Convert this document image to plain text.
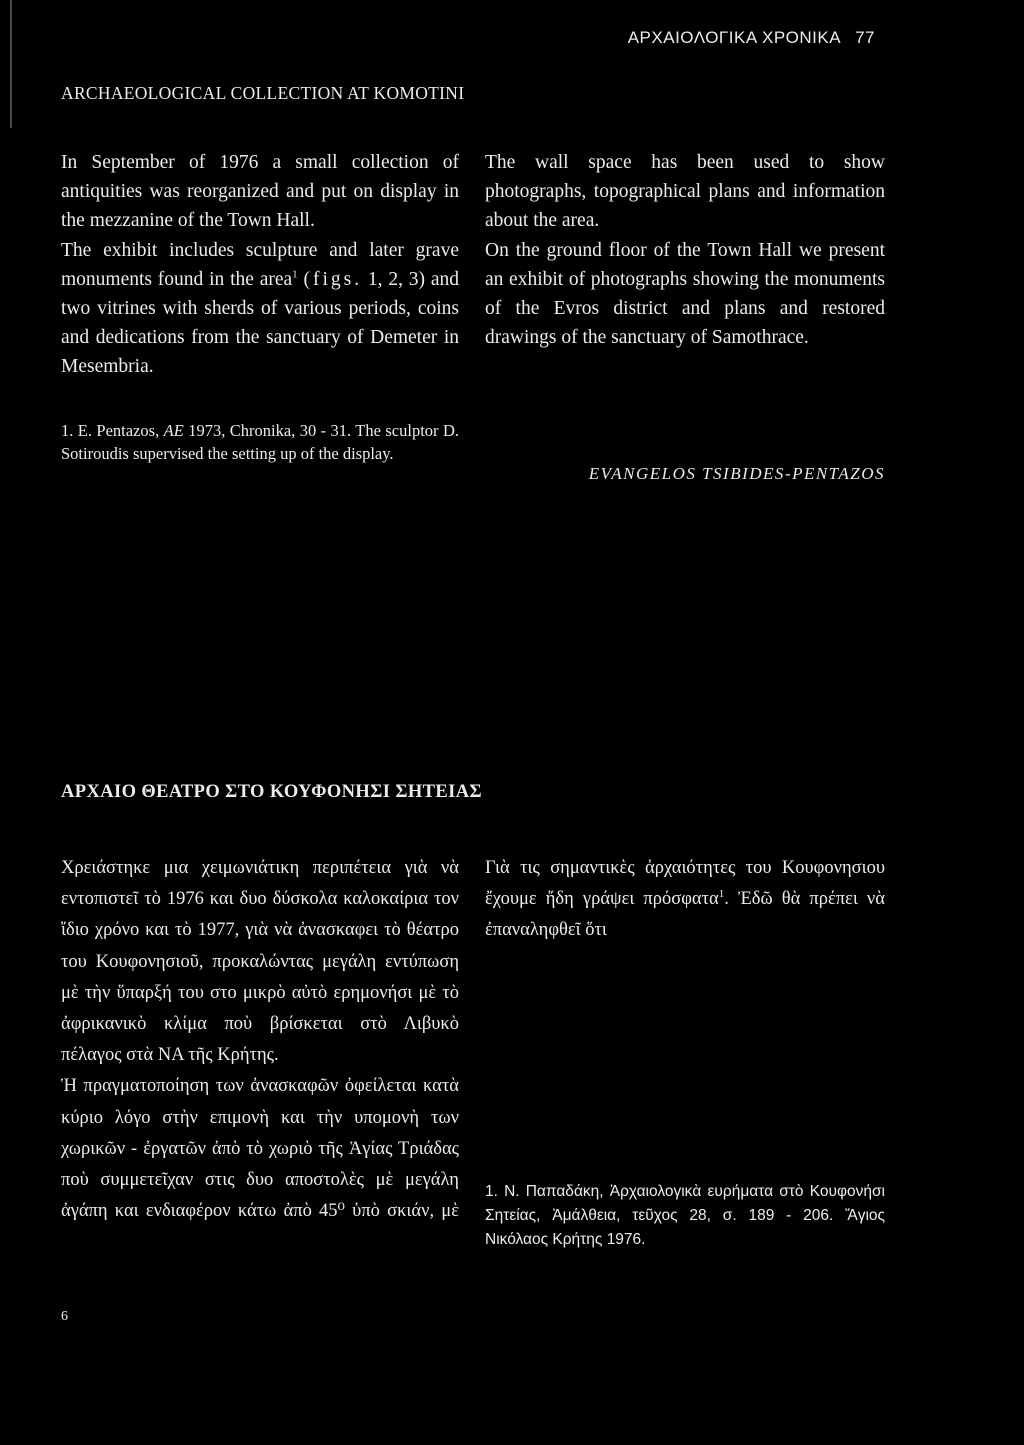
ΑΡΧΑΙΟΛΟΓΙΚΑ ΧΡΟΝΙΚΑ 77
ARCHAEOLOGICAL COLLECTION AT KOMOTINI

In September of 1976 a small collection of antiquities was reorganized and put on display in the mezzanine of the Town Hall.

The exhibit includes sculpture and later grave monuments found in the area$^1$ (figs. 1, 2, 3) and two vitrines with sherds of various periods, coins and dedications from the sanctuary of Demeter in Mesembria.

The wall space has been used to show photographs, topographical plans and information about the area.

On the ground floor of the Town Hall we present an exhibit of photographs showing the monuments of the Evros district and plans and restored drawings of the sanctuary of Samothrace.

1. E. Pentazos, AE 1973, Chronika, 30 - 31. The sculptor D. Sotiroudis supervised the setting up of the display.
EVANGELOS TSIBIDES-PENTAZOS
ΑΡΧΑΙΟ ΘΕΑΤΡΟ ΣΤΟ ΚΟΥΦΟΝΗΣΙ ΣΗΤΕΙΑΣ

Χρειάστηκε μια χειμωνιάτικη περιπέτεια γιὰ νὰ εντοπιστεῖ τὸ 1976 και δυο δύσκολα καλοκαίρια τον ἴδιο χρόνο και τὸ 1977, γιὰ νὰ ἀνασκαφει τὸ θέατρο του Κουφονησιοῦ, προκαλώντας μεγάλη εντύπωση μὲ τὴν ὕπαρξή του στο μικρὸ αὐτὸ ερημονήσι μὲ τὸ ἀφρικανικὸ κλίμα ποὺ βρίσκεται στὸ Λιβυκὸ πέλαγος στὰ ΝΑ τῆς Κρήτης.

Ἡ πραγματοποίηση των ἀνασκαφῶν ὀφείλεται κατὰ κύριο λόγο στὴν επιμονὴ και τὴν υπομονὴ των χωρικῶν - ἐργατῶν ἀπὸ τὸ χωριὸ τῆς Ἁγίας Τριάδας ποὺ συμμετεῖχαν στις δυο αποστολὲς μὲ μεγάλη ἀγάπη και ενδιαφέρον κάτω ἀπὸ 45⁰ ὑπὸ σκιάν, μὲ

Γιὰ τις σημαντικὲς ἀρχαιότητες του Κουφονησιου ἔχουμε ἤδη γράψει πρόσφατα$^1$. Ἐδῶ θὰ πρέπει νὰ ἐπαναληφθεῖ ὅτι

1. Ν. Παπαδάκη, Ἀρχαιολογικὰ ευρήματα στὸ Κουφονήσι Σητείας, Ἀμάλθεια, τεῦχος 28, σ. 189 - 206. Ἅγιος Νικόλαος Κρήτης 1976.
6
